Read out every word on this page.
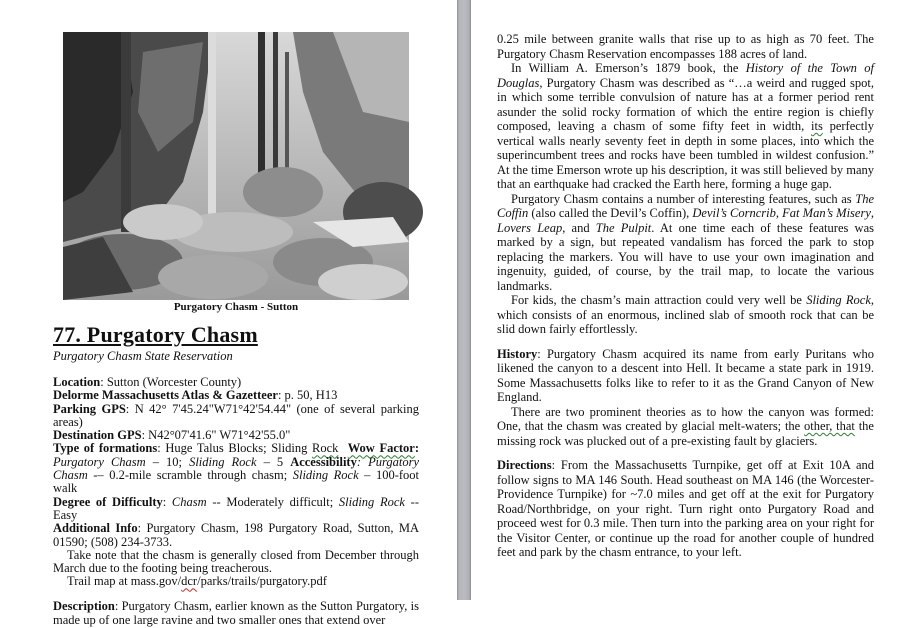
Purgatory Chasm - Sutton
77. Purgatory Chasm
Purgatory Chasm State Reservation

Location: Sutton (Worcester County)

Delorme Massachusetts Atlas & Gazetteer: p. 50, H13

Parking GPS: N 42° 7'45.24"W71°42'54.44" (one of several parking areas)

Destination GPS: N42°07'41.6" W71°42'55.0"

Type of formations: Huge Talus Blocks; Sliding Rock Wow Factor: Purgatory Chasm – 10; Sliding Rock – 5 Accessibility: Purgatory Chasm -– 0.2-mile scramble through chasm; Sliding Rock – 100-foot walk

Degree of Difficulty: Chasm -- Moderately difficult; Sliding Rock -- Easy

Additional Info: Purgatory Chasm, 198 Purgatory Road, Sutton, MA 01590; (508) 234-3733.

Take note that the chasm is generally closed from December through March due to the footing being treacherous.

Trail map at mass.gov/dcr/parks/trails/purgatory.pdf

Description: Purgatory Chasm, earlier known as the Sutton Purgatory, is made up of one large ravine and two smaller ones that extend over

0.25 mile between granite walls that rise up to as high as 70 feet. The Purgatory Chasm Reservation encompasses 188 acres of land.

In William A. Emerson’s 1879 book, the History of the Town of Douglas, Purgatory Chasm was described as “…a weird and rugged spot, in which some terrible convulsion of nature has at a former period rent asunder the solid rocky formation of which the entire region is chiefly composed, leaving a chasm of some fifty feet in width, its perfectly vertical walls nearly seventy feet in depth in some places, into which the superincumbent trees and rocks have been tumbled in wildest confusion.” At the time Emerson wrote up his description, it was still believed by many that an earthquake had cracked the Earth here, forming a huge gap.

Purgatory Chasm contains a number of interesting features, such as The Coffin (also called the Devil’s Coffin), Devil’s Corncrib, Fat Man’s Misery, Lovers Leap, and The Pulpit. At one time each of these features was marked by a sign, but repeated vandalism has forced the park to stop replacing the markers. You will have to use your own imagination and ingenuity, guided, of course, by the trail map, to locate the various landmarks.

For kids, the chasm’s main attraction could very well be Sliding Rock, which consists of an enormous, inclined slab of smooth rock that can be slid down fairly effortlessly.

History: Purgatory Chasm acquired its name from early Puritans who likened the canyon to a descent into Hell. It became a state park in 1919. Some Massachusetts folks like to refer to it as the Grand Canyon of New England.

There are two prominent theories as to how the canyon was formed: One, that the chasm was created by glacial melt-waters; the other, that the missing rock was plucked out of a pre-existing fault by glaciers.

Directions: From the Massachusetts Turnpike, get off at Exit 10A and follow signs to MA 146 South. Head southeast on MA 146 (the Worcester-Providence Turnpike) for ~7.0 miles and get off at the exit for Purgatory Road/Northbridge, on your right. Turn right onto Purgatory Road and proceed west for 0.3 mile. Then turn into the parking area on your right for the Visitor Center, or continue up the road for another couple of hundred feet and park by the chasm entrance, to your left.
